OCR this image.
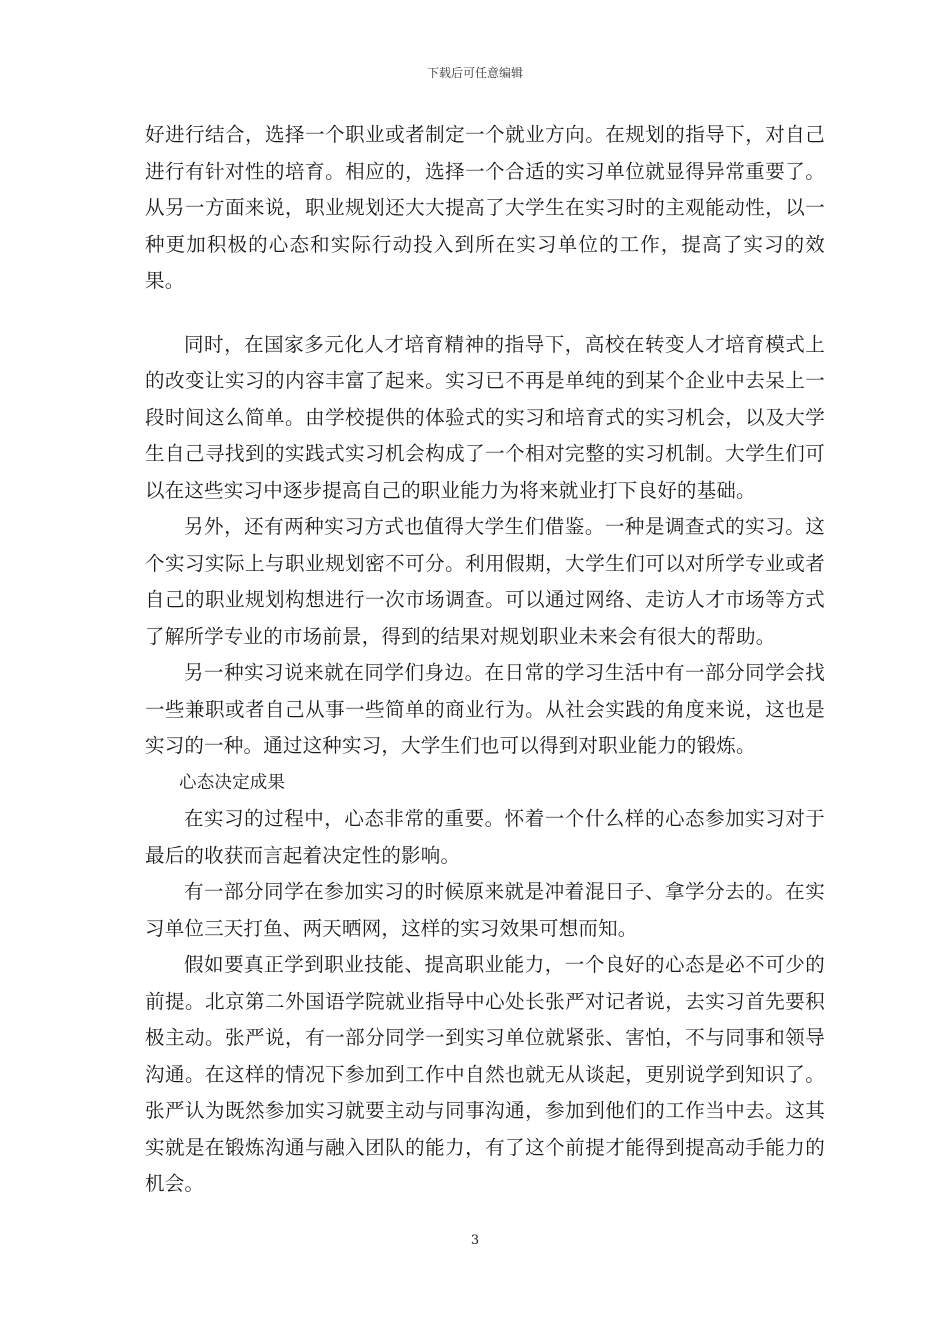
下载后可任意编辑

好进行结合，选择一个职业或者制定一个就业方向。在规划的指导下，对自己进行有针对性的培育。相应的，选择一个合适的实习单位就显得异常重要了。从另一方面来说，职业规划还大大提高了大学生在实习时的主观能动性，以一种更加积极的心态和实际行动投入到所在实习单位的工作，提高了实习的效果。

同时，在国家多元化人才培育精神的指导下，高校在转变人才培育模式上的改变让实习的内容丰富了起来。实习已不再是单纯的到某个企业中去呆上一段时间这么简单。由学校提供的体验式的实习和培育式的实习机会，以及大学生自己寻找到的实践式实习机会构成了一个相对完整的实习机制。大学生们可以在这些实习中逐步提高自己的职业能力为将来就业打下良好的基础。

另外，还有两种实习方式也值得大学生们借鉴。一种是调查式的实习。这个实习实际上与职业规划密不可分。利用假期，大学生们可以对所学专业或者自己的职业规划构想进行一次市场调查。可以通过网络、走访人才市场等方式了解所学专业的市场前景，得到的结果对规划职业未来会有很大的帮助。

另一种实习说来就在同学们身边。在日常的学习生活中有一部分同学会找一些兼职或者自己从事一些简单的商业行为。从社会实践的角度来说，这也是实习的一种。通过这种实习，大学生们也可以得到对职业能力的锻炼。

心态决定成果

在实习的过程中，心态非常的重要。怀着一个什么样的心态参加实习对于最后的收获而言起着决定性的影响。

有一部分同学在参加实习的时候原来就是冲着混日子、拿学分去的。在实习单位三天打鱼、两天晒网，这样的实习效果可想而知。

假如要真正学到职业技能、提高职业能力，一个良好的心态是必不可少的前提。北京第二外国语学院就业指导中心处长张严对记者说，去实习首先要积极主动。张严说，有一部分同学一到实习单位就紧张、害怕，不与同事和领导沟通。在这样的情况下参加到工作中自然也就无从谈起，更别说学到知识了。张严认为既然参加实习就要主动与同事沟通，参加到他们的工作当中去。这其实就是在锻炼沟通与融入团队的能力，有了这个前提才能得到提高动手能力的机会。

3
